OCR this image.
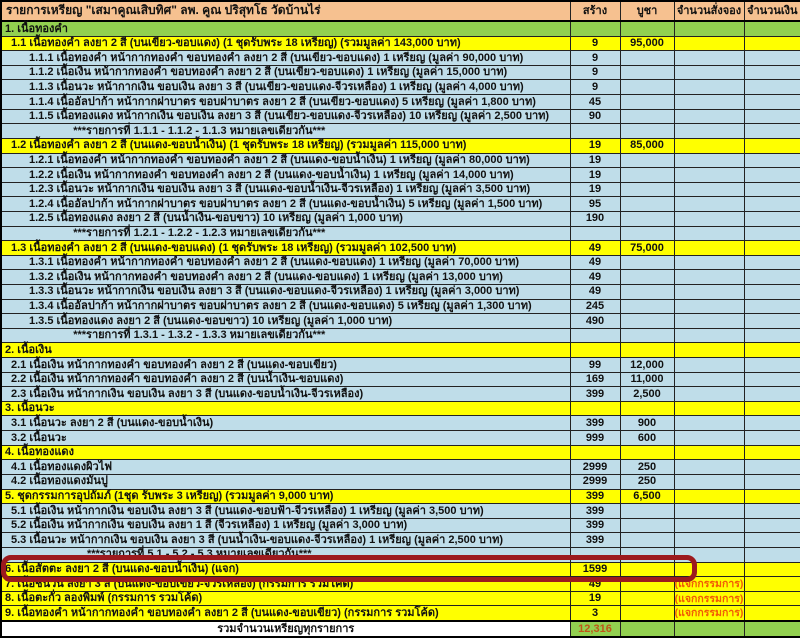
รายการเหรียญ "เสมาคูณเสิบทิศ" ลพ. คูณ ปริสุทโธ วัดบ้านไร่	สร้าง	บูชา	จำนวนสั่งจอง	จำนวนเงิน
1. เนื้อทองคำ				
1.1 เนื้อทองคำ ลงยา 2 สี (บนเขียว-ขอบแดง) (1 ชุดรับพระ 18 เหรียญ) (รวมมูลค่า 143,000 บาท)	9	95,000		
1.1.1 เนื้อทองคำ หน้ากากทองคำ ขอบทองคำ ลงยา 2 สี (บนเขียว-ขอบแดง) 1 เหรียญ (มูลค่า 90,000 บาท)	9			
1.1.2 เนื้อเงิน หน้ากากทองคำ ขอบทองคำ ลงยา 2 สี (บนเขียว-ขอบแดง) 1 เหรียญ (มูลค่า 15,000 บาท)	9			
1.1.3 เนื้อนวะ หน้ากากเงิน ขอบเงิน ลงยา 3 สี (บนเขียว-ขอบแดง-จีวรเหลือง) 1 เหรียญ (มูลค่า 4,000 บาท)	9			
1.1.4 เนื้ออัลปาก้า หน้ากากฝาบาตร ขอบฝาบาตร ลงยา 2 สี (บนเขียว-ขอบแดง) 5 เหรียญ (มูลค่า 1,800 บาท)	45			
1.1.5 เนื้อทองแดง หน้ากากเงิน ขอบเงิน ลงยา 3 สี (บนเขียว-ขอบแดง-จีวรเหลือง) 10 เหรียญ (มูลค่า 2,500 บาท)	90			
***รายการที่ 1.1.1 - 1.1.2 - 1.1.3 หมายเลขเดียวกัน***				
1.2 เนื้อทองคำ ลงยา 2 สี (บนแดง-ขอบน้ำเงิน) (1 ชุดรับพระ 18 เหรียญ) (รวมมูลค่า 115,000 บาท)	19	85,000		
1.2.1 เนื้อทองคำ หน้ากากทองคำ ขอบทองคำ ลงยา 2 สี (บนแดง-ขอบน้ำเงิน) 1 เหรียญ (มูลค่า 80,000 บาท)	19			
1.2.2 เนื้อเงิน หน้ากากทองคำ ขอบทองคำ ลงยา 2 สี (บนแดง-ขอบน้ำเงิน) 1 เหรียญ (มูลค่า 14,000 บาท)	19			
1.2.3 เนื้อนวะ หน้ากากเงิน ขอบเงิน ลงยา 3 สี (บนแดง-ขอบน้ำเงิน-จีวรเหลือง) 1 เหรียญ (มูลค่า 3,500 บาท)	19			
1.2.4 เนื้ออัลปาก้า หน้ากากฝาบาตร ขอบฝาบาตร ลงยา 2 สี (บนแดง-ขอบน้ำเงิน) 5 เหรียญ (มูลค่า 1,500 บาท)	95			
1.2.5 เนื้อทองแดง ลงยา 2 สี (บนน้ำเงิน-ขอบขาว) 10 เหรียญ (มูลค่า 1,000 บาท)	190			
***รายการที่ 1.2.1 - 1.2.2 - 1.2.3 หมายเลขเดียวกัน***				
1.3 เนื้อทองคำ ลงยา 2 สี (บนแดง-ขอบแดง) (1 ชุดรับพระ 18 เหรียญ) (รวมมูลค่า 102,500 บาท)	49	75,000		
1.3.1 เนื้อทองคำ หน้ากากทองคำ ขอบทองคำ ลงยา 2 สี (บนแดง-ขอบแดง) 1 เหรียญ (มูลค่า 70,000 บาท)	49			
1.3.2 เนื้อเงิน หน้ากากทองคำ ขอบทองคำ ลงยา 2 สี (บนแดง-ขอบแดง) 1 เหรียญ (มูลค่า 13,000 บาท)	49			
1.3.3 เนื้อนวะ หน้ากากเงิน ขอบเงิน ลงยา 3 สี (บนแดง-ขอบแดง-จีวรเหลือง) 1 เหรียญ (มูลค่า 3,000 บาท)	49			
1.3.4 เนื้ออัลปาก้า หน้ากากฝาบาตร ขอบฝาบาตร ลงยา 2 สี (บนแดง-ขอบแดง) 5 เหรียญ (มูลค่า 1,300 บาท)	245			
1.3.5 เนื้อทองแดง ลงยา 2 สี (บนแดง-ขอบขาว) 10 เหรียญ (มูลค่า 1,000 บาท)	490			
***รายการที่ 1.3.1 - 1.3.2 - 1.3.3 หมายเลขเดียวกัน***				
2. เนื้อเงิน				
2.1 เนื้อเงิน หน้ากากทองคำ ขอบทองคำ ลงยา 2 สี (บนแดง-ขอบเขียว)	99	12,000		
2.2 เนื้อเงิน หน้ากากทองคำ ขอบทองคำ ลงยา 2 สี (บนน้ำเงิน-ขอบแดง)	169	11,000		
2.3 เนื้อเงิน หน้ากากเงิน ขอบเงิน ลงยา 3 สี (บนแดง-ขอบน้ำเงิน-จีวรเหลือง)	399	2,500		
3. เนื้อนวะ				
3.1 เนื้อนวะ ลงยา 2 สี (บนแดง-ขอบน้ำเงิน)	399	900		
3.2 เนื้อนวะ	999	600		
4. เนื้อทองแดง				
4.1 เนื้อทองแดงผิวไฟ	2999	250		
4.2 เนื้อทองแดงมันปู	2999	250		
5. ชุดกรรมการอุปถัมภ์ (1ชุด รับพระ 3 เหรียญ) (รวมมูลค่า 9,000 บาท)	399	6,500		
5.1 เนื้อเงิน หน้ากากเงิน ขอบเงิน ลงยา 3 สี (บนแดง-ขอบฟ้า-จีวรเหลือง) 1 เหรียญ (มูลค่า 3,500 บาท)	399			
5.2 เนื้อเงิน หน้ากากเงิน ขอบเงิน ลงยา 1 สี (จีวรเหลือง) 1 เหรียญ (มูลค่า 3,000 บาท)	399			
5.3 เนื้อนวะ หน้ากากเงิน ขอบเงิน ลงยา 3 สี (บนน้ำเงิน-ขอบแดง-จีวรเหลือง) 1 เหรียญ (มูลค่า 2,500 บาท)	399			
***รายการที่ 5.1 - 5.2 - 5.3 หมายเลขเดียวกัน***				
6. เนื้อสัตตะ ลงยา 2 สี (บนแดง-ขอบน้ำเงิน) (แจก)	1599			
7. เนื้อชนวน ลงยา 3 สี (บนแดง-ขอบเขียว-จีวรเหลือง) (กรรมการ รวมโค้ด)	49		(แจกกรรมการ)	
8. เนื้อตะกั่ว ลองพิมพ์ (กรรมการ รวมโค้ด)	19		(แจกกรรมการ)	
9. เนื้อทองคำ หน้ากากทองคำ ขอบทองคำ ลงยา 2 สี (บนแดง-ขอบเขียว) (กรรมการ รวมโค้ด)	3		(แจกกรรมการ)	
รวมจำนวนเหรียญทุกรายการ	12,316			
